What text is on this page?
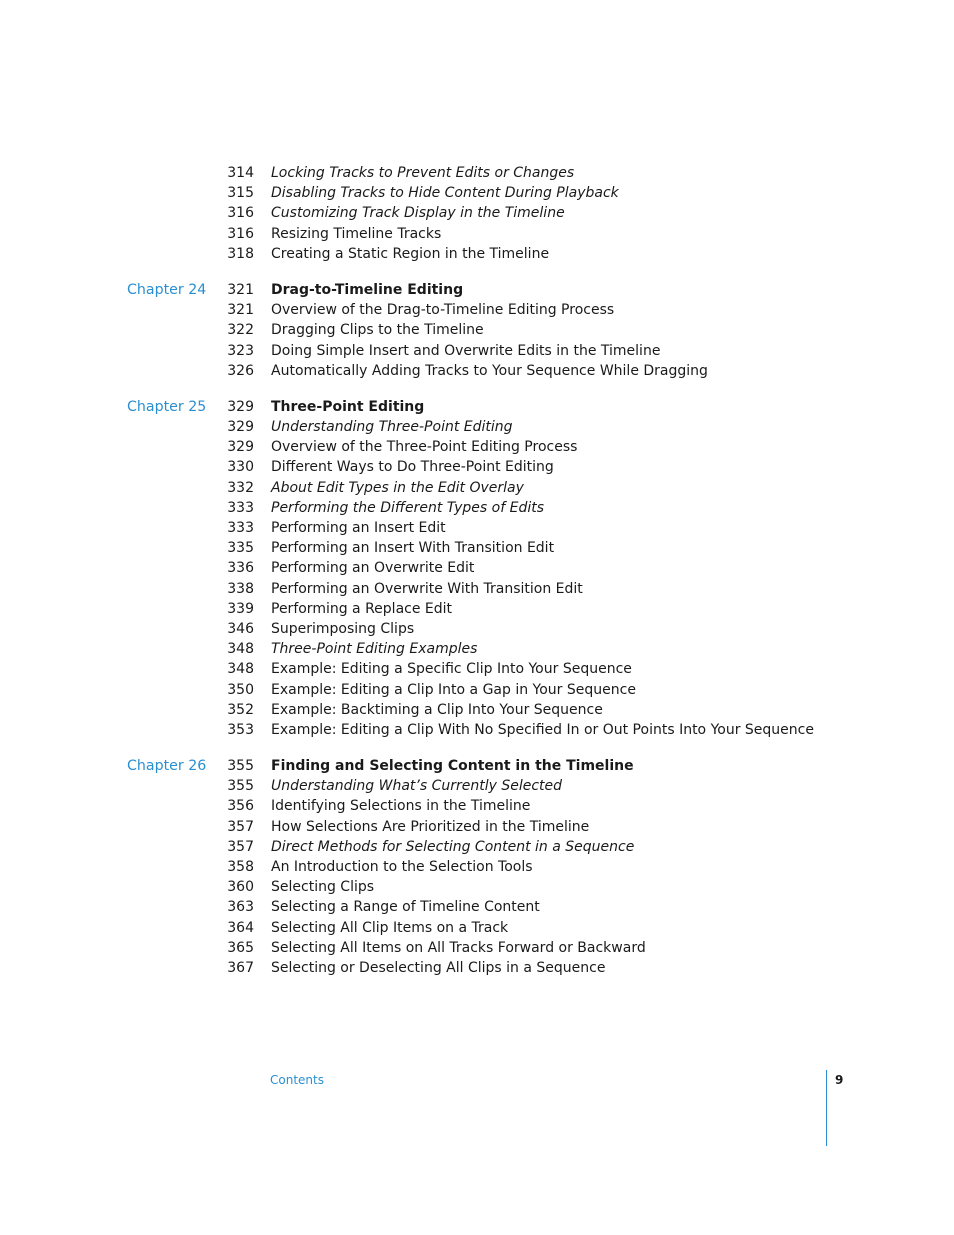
314 Locking Tracks to Prevent Edits or Changes
315 Disabling Tracks to Hide Content During Playback
316 Customizing Track Display in the Timeline
316 Resizing Timeline Tracks
318 Creating a Static Region in the Timeline
Chapter 24	321 Drag-to-Timeline Editing
321 Overview of the Drag-to-Timeline Editing Process
322 Dragging Clips to the Timeline
323 Doing Simple Insert and Overwrite Edits in the Timeline
326 Automatically Adding Tracks to Your Sequence While Dragging
Chapter 25	329 Three-Point Editing
329 Understanding Three-Point Editing
329 Overview of the Three-Point Editing Process
330 Different Ways to Do Three-Point Editing
332 About Edit Types in the Edit Overlay
333 Performing the Different Types of Edits
333 Performing an Insert Edit
335 Performing an Insert With Transition Edit
336 Performing an Overwrite Edit
338 Performing an Overwrite With Transition Edit
339 Performing a Replace Edit
346 Superimposing Clips
348 Three-Point Editing Examples
348 Example: Editing a Specific Clip Into Your Sequence
350 Example: Editing a Clip Into a Gap in Your Sequence
352 Example: Backtiming a Clip Into Your Sequence
353 Example: Editing a Clip With No Specified In or Out Points Into Your Sequence
Chapter 26	355 Finding and Selecting Content in the Timeline
355 Understanding What’s Currently Selected
356 Identifying Selections in the Timeline
357 How Selections Are Prioritized in the Timeline
357 Direct Methods for Selecting Content in a Sequence
358 An Introduction to the Selection Tools
360 Selecting Clips
363 Selecting a Range of Timeline Content
364 Selecting All Clip Items on a Track
365 Selecting All Items on All Tracks Forward or Backward
367 Selecting or Deselecting All Clips in a Sequence
Contents	9
